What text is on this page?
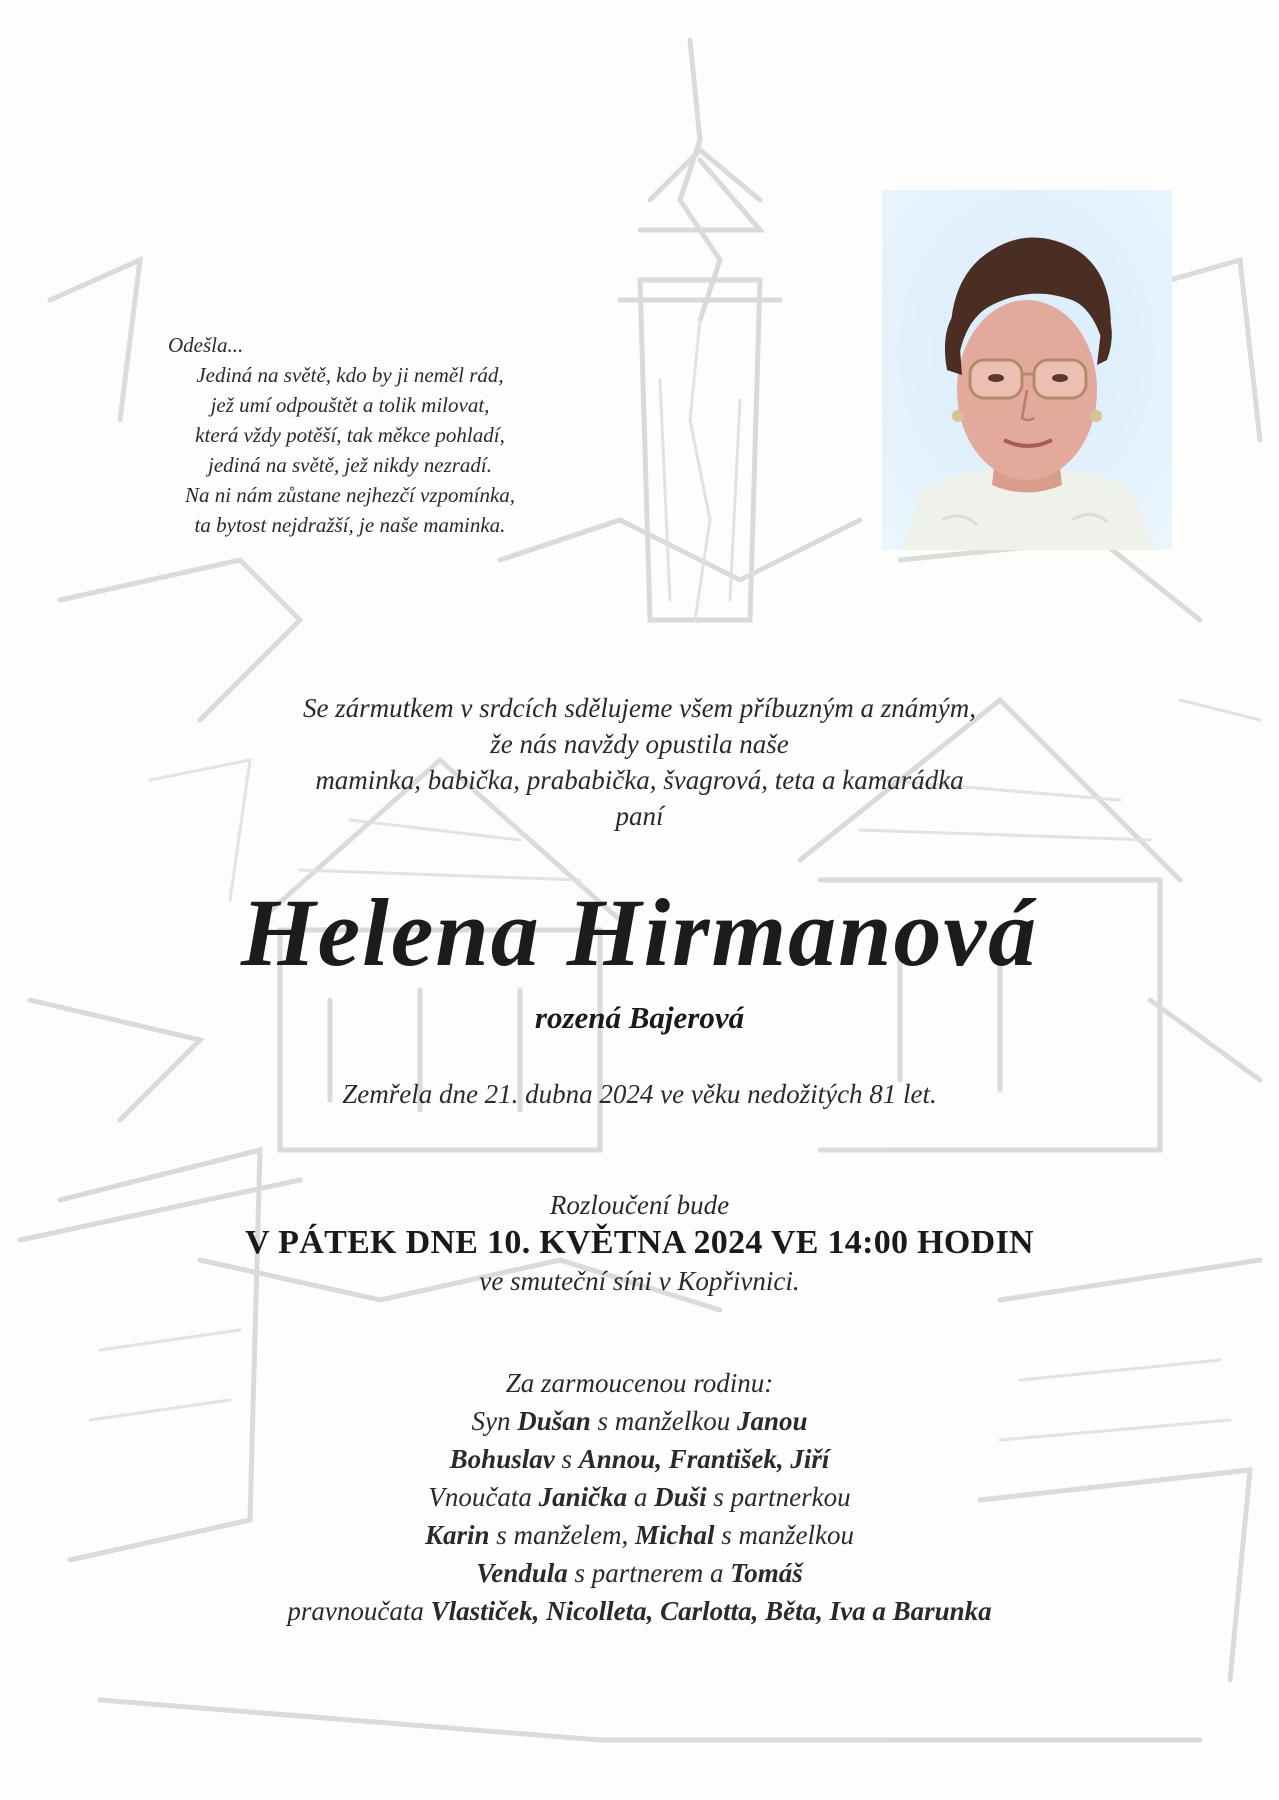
Odešla...
Jediná na světě, kdo by ji neměl rád,
jež umí odpouštět a tolik milovat,
která vždy potěší, tak měkce pohladí,
jediná na světě, jež nikdy nezradí.
Na ni nám zůstane nejhezčí vzpomínka,
ta bytost nejdražší, je naše maminka.
Se zármutkem v srdcích sdělujeme všem příbuzným a známým,
že nás navždy opustila naše
maminka, babička, prababička, švagrová, teta a kamarádka
paní
Helena Hirmanová
rozená Bajerová
Zemřela dne 21. dubna 2024 ve věku nedožitých 81 let.
Rozloučení bude
V PÁTEK DNE 10. KVĚTNA 2024 VE 14:00 HODIN
ve smuteční síni v Kopřivnici.
Za zarmoucenou rodinu:
Syn Dušan s manželkou Janou
Bohuslav s Annou, František, Jiří
Vnoučata Janička a Duši s partnerkou
Karin s manželem, Michal s manželkou
Vendula s partnerem a Tomáš
pravnoučata Vlastiček, Nicolleta, Carlotta, Běta, Iva a Barunka
